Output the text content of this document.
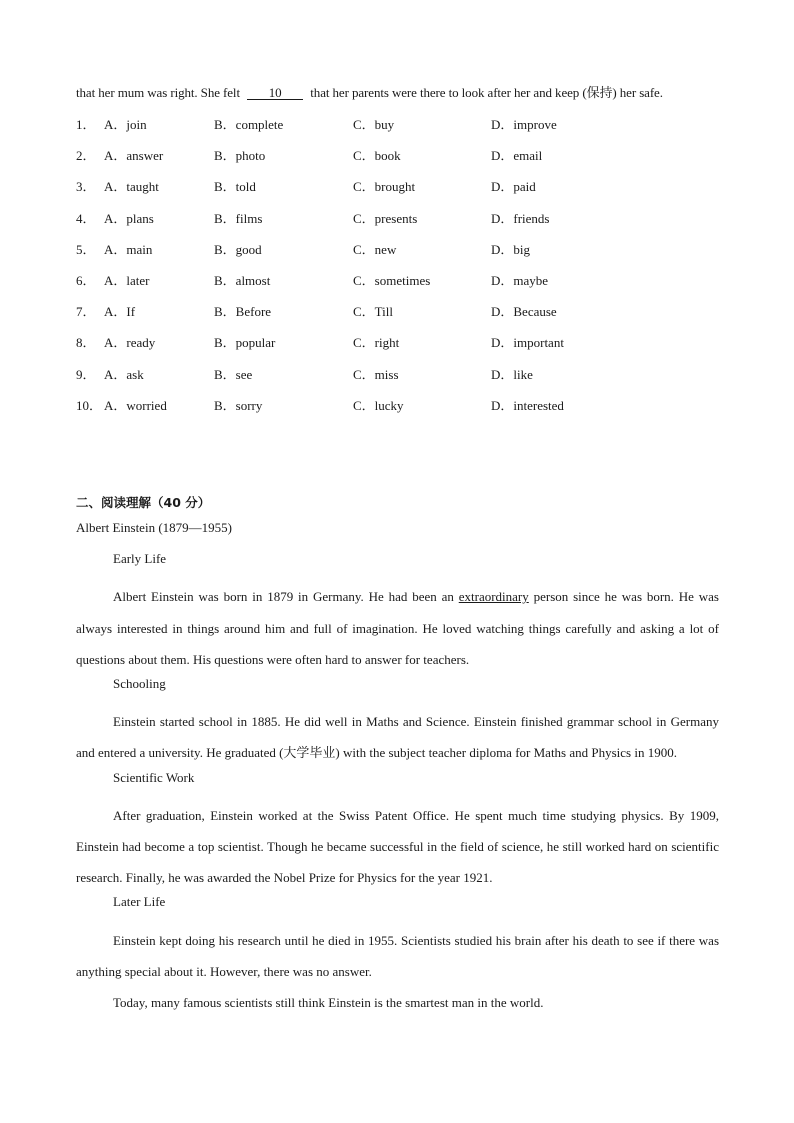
that her mum was right. She felt 10 that her parents were there to look after her and keep (保持) her safe.
1． A．join	B．complete	C．buy	D．improve
2． A．answer	B．photo	C．book	D．email
3． A．taught	B．told	C．brought	D．paid
4． A．plans	B．films	C．presents	D．friends
5． A．main	B．good	C．new	D．big
6． A．later	B．almost	C．sometimes	D．maybe
7． A．If	B．Before	C．Till	D．Because
8． A．ready	B．popular	C．right	D．important
9． A．ask	B．see	C．miss	D．like
10． A．worried	B．sorry	C．lucky	D．interested
二、阅读理解（40 分）
Albert Einstein (1879—1955)
Early Life

Albert Einstein was born in 1879 in Germany. He had been an extraordinary person since he was born. He was always interested in things around him and full of imagination. He loved watching things carefully and asking a lot of questions about them. His questions were often hard to answer for teachers.

Schooling

Einstein started school in 1885. He did well in Maths and Science. Einstein finished grammar school in Germany and entered a university. He graduated (大学毕业) with the subject teacher diploma for Maths and Physics in 1900.

Scientific Work

After graduation, Einstein worked at the Swiss Patent Office. He spent much time studying physics. By 1909, Einstein had become a top scientist. Though he became successful in the field of science, he still worked hard on scientific research. Finally, he was awarded the Nobel Prize for Physics for the year 1921.

Later Life

Einstein kept doing his research until he died in 1955. Scientists studied his brain after his death to see if there was anything special about it. However, there was no answer.

Today, many famous scientists still think Einstein is the smartest man in the world.
